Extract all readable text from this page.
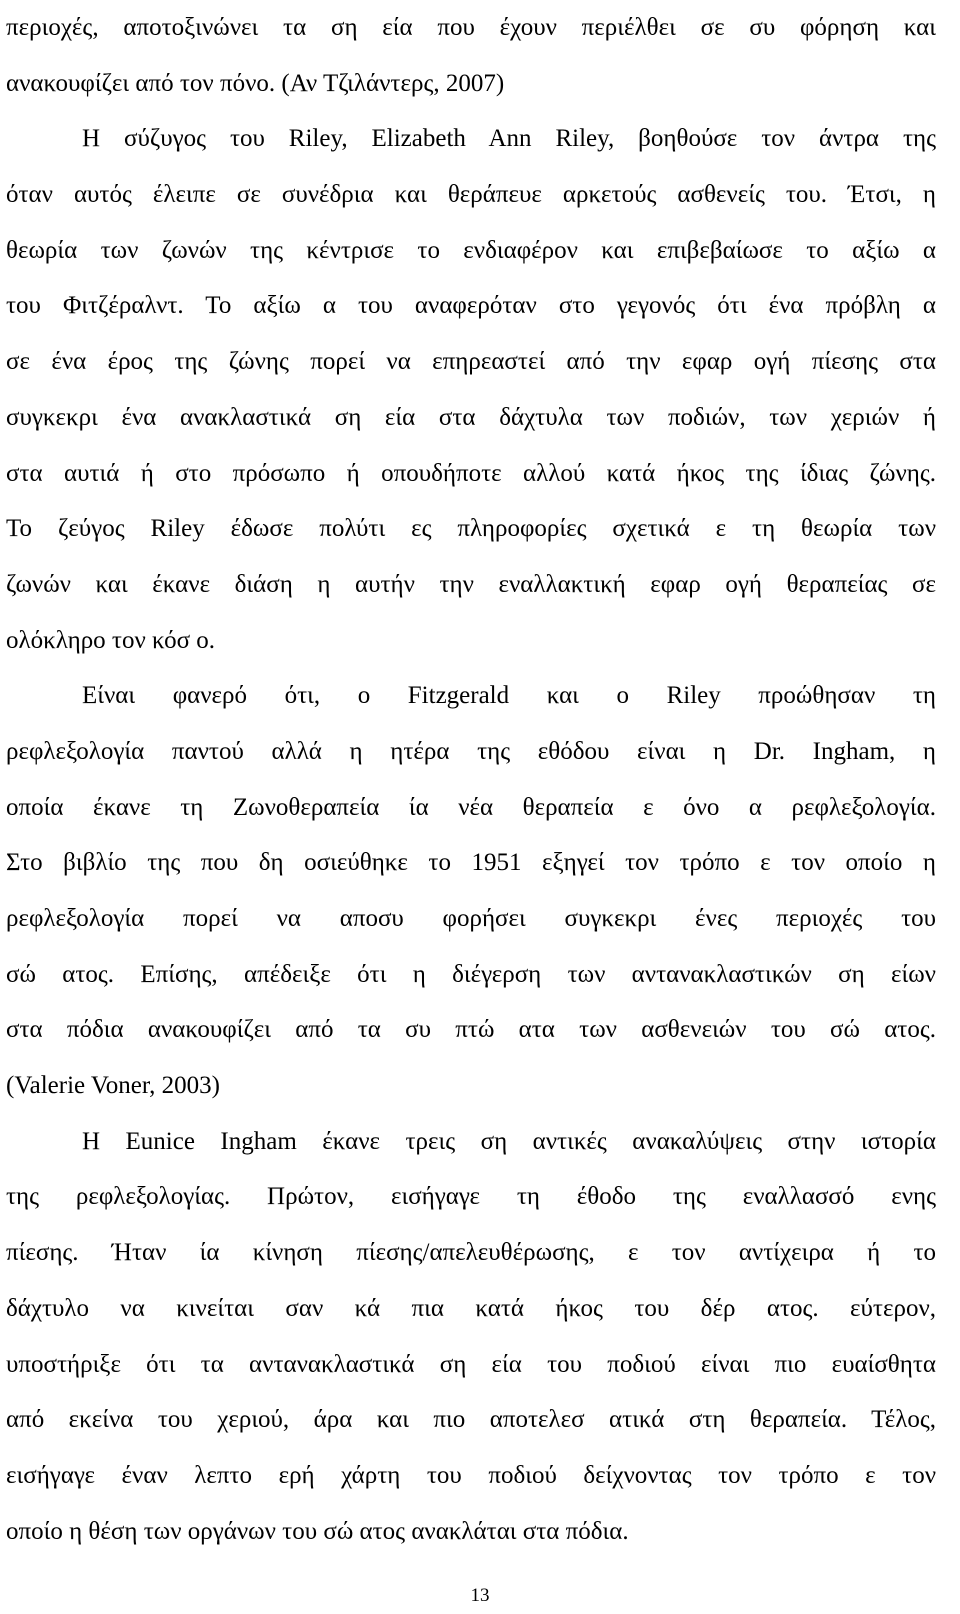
περιοχές, αποτοξινώνει τα ση εία που έχουν περιέλθει σε συ φόρηση και
ανακουφίζει από τον πόνο. (Αν Τζιλάντερς, 2007)
Η σύζυγος του Riley, Elizabeth Ann Riley, βοηθούσε τον άντρα της
όταν αυτός έλειπε σε συνέδρια και θεράπευε αρκετούς ασθενείς του. Έτσι, η
θεωρία των ζωνών της κέντρισε το ενδιαφέρον και επιβεβαίωσε το αξίω α
του Φιτζέραλντ. Το αξίω α του αναφερόταν στο γεγονός ότι ένα πρόβλη α
σε ένα έρος της ζώνης πορεί να επηρεαστεί από την εφαρ ογή πίεσης στα
συγκεκρι ένα ανακλαστικά ση εία στα δάχτυλα των ποδιών, των χεριών ή
στα αυτιά ή στο πρόσωπο ή οπουδήποτε αλλού κατά ήκος της ίδιας ζώνης.
Το ζεύγος Riley έδωσε πολύτι ες πληροφορίες σχετικά ε τη θεωρία των
ζωνών και έκανε διάση η αυτήν την εναλλακτική εφαρ ογή θεραπείας σε
ολόκληρο τον κόσ ο.
Είναι φανερό ότι, ο Fitzgerald και ο Riley προώθησαν τη
ρεφλεξολογία παντού αλλά η ητέρα της εθόδου είναι η Dr. Ingham, η
οποία έκανε τη Ζωνοθεραπεία ία νέα θεραπεία ε όνο α ρεφλεξολογία.
Στο βιβλίο της που δη οσιεύθηκε το 1951 εξηγεί τον τρόπο ε τον οποίο η
ρεφλεξολογία πορεί να αποσυ φορήσει συγκεκρι ένες περιοχές του
σώ ατος. Επίσης, απέδειξε ότι η διέγερση των αντανακλαστικών ση είων
στα πόδια ανακουφίζει από τα συ πτώ ατα των ασθενειών του σώ ατος.
(Valerie Voner, 2003)
Η Eunice Ingham έκανε τρεις ση αντικές ανακαλύψεις στην ιστορία
της ρεφλεξολογίας. Πρώτον, εισήγαγε τη έθοδο της εναλλασσό ενης
πίεσης. Ήταν ία κίνηση πίεσης/απελευθέρωσης, ε τον αντίχειρα ή το
δάχτυλο να κινείται σαν κά πια κατά ήκος του δέρ ατος. εύτερον,
υποστήριξε ότι τα αντανακλαστικά ση εία του ποδιού είναι πιο ευαίσθητα
από εκείνα του χεριού, άρα και πιο αποτελεσ ατικά στη θεραπεία. Τέλος,
εισήγαγε έναν λεπτο ερή χάρτη του ποδιού δείχνοντας τον τρόπο ε τον
οποίο η θέση των οργάνων του σώ ατος ανακλάται στα πόδια.
13
